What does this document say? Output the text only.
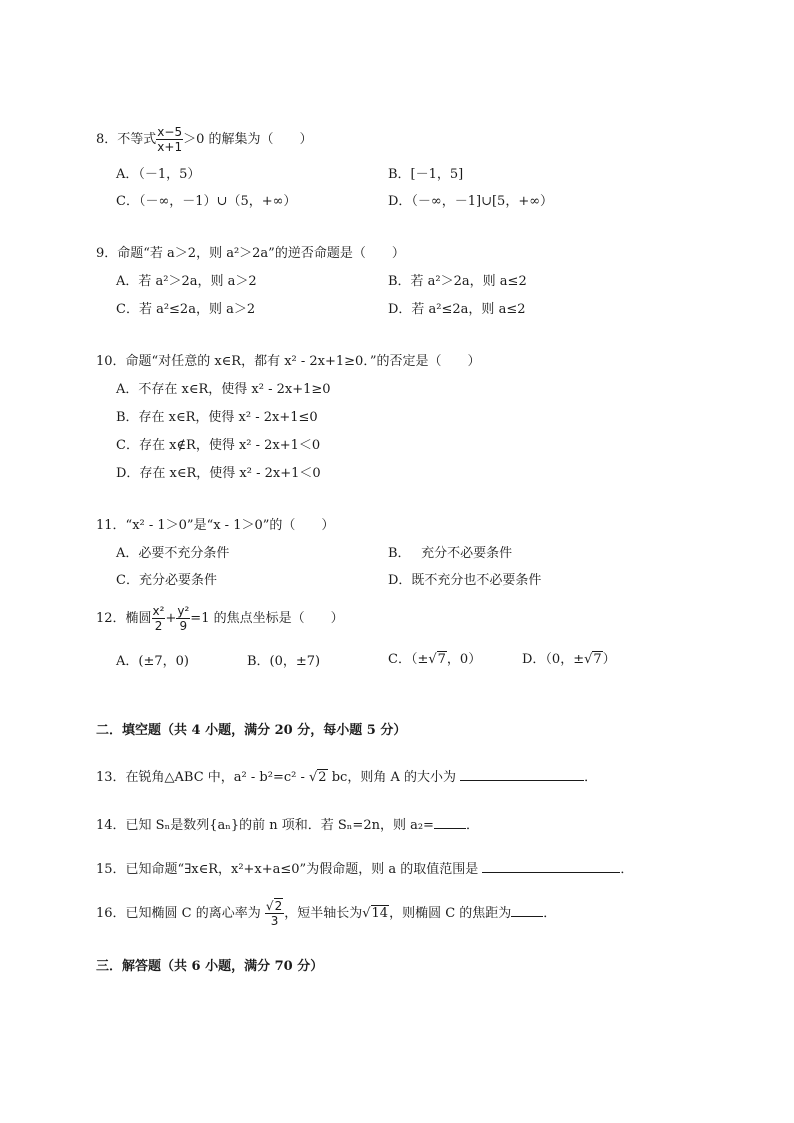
8．不等式 $\frac{x-5}{x+1} >0$ 的解集为（　　）
A．（－1，5）	B．[－1，5]
C．（－∞，－1）∪（5，+∞）	D．（－∞，－1]∪[5，+∞）
9．命题“若 a＞2，则 a²＞2a”的逆否命题是（　　）
A．若 a²＞2a，则 a＞2	B．若 a²＞2a，则 a≤2
C．若 a²≤2a，则 a＞2	D．若 a²≤2a，则 a≤2
10．命题“对任意的 x∈R，都有 x² - 2x+1≥0．”的否定是（　　）
A．不存在 x∈R，使得 x² - 2x+1≥0
B．存在 x∈R，使得 x² - 2x+1≤0
C．存在 x∉R，使得 x² - 2x+1＜0
D．存在 x∈R，使得 x² - 2x+1＜0
11．“x² - 1＞0”是“x - 1＞0”的（　　）
A．必要不充分条件	B．　 充分不必要条件
C．充分必要条件	D．既不充分也不必要条件
12．椭圆 $\frac{\text{x²}}{2} + \frac{\text{y²}}{9} =1$ 的焦点坐标是（　　）
A．(±7，0)	B．(0，±7)	C．（±√7，0）	D．（0，±√7）
二．填空题（共 4 小题，满分 20 分，每小题 5 分）
13．在锐角△ABC 中，a² - b²=c² - √2 bc，则角 A 的大小为	．
14．已知 Sₙ是数列{aₙ}的前 n 项和．若 Sₙ=2n，则 a₂= ．
15．已知命题“∃x∈R，x²+x+a≤0”为假命题，则 a 的取值范围是	．
16．已知椭圆 C 的离心率为 $\frac{√2}{3}$ ，短半轴长为√14，则椭圆 C 的焦距为 ．
三．解答题（共 6 小题，满分 70 分）
